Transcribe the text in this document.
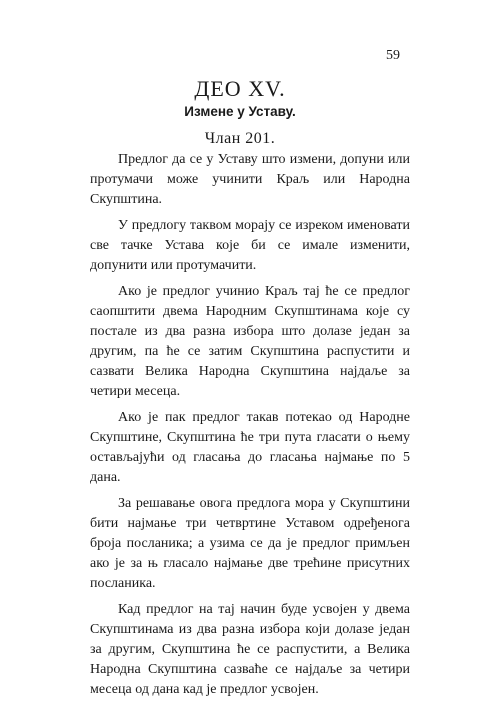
59
ДЕО XV.
Измене у Уставу.
Члан 201.

Предлог да се у Уставу што измени, допуни или протумачи може учинити Краљ или Народна Скупштина.

У предлогу таквом морају се изреком именовати све тачке Устава које би се имале изменити, допунити или протумачити.

Ако је предлог учинио Краљ тај ће се предлог саопштити двема Народним Скупштинама које су постале из два разна избора што долазе један за другим, па ће се затим Скупштина распустити и сазвати Велика Народна Скупштина најдаље за четири месеца.

Ако је пак предлог такав потекао од Народне Скупштине, Скупштина ће три пута гласати о њему остављајући од гласања до гласања најмање по 5 дана.

За решавање овога предлога мора у Скупштини бити најмање три четвртине Уставом одређенога броја посланика; а узима се да је предлог примљен ако је за њ гласало најмање две трећине присутних посланика.

Кад предлог на тај начин буде усвојен у двема Скупштинама из два разна избора који долазе један за другим, Скупштина ће се распустити, а Велика Народна Скупштина сазваће се најдаље за четири месеца од дана кад је предлог усвојен.
